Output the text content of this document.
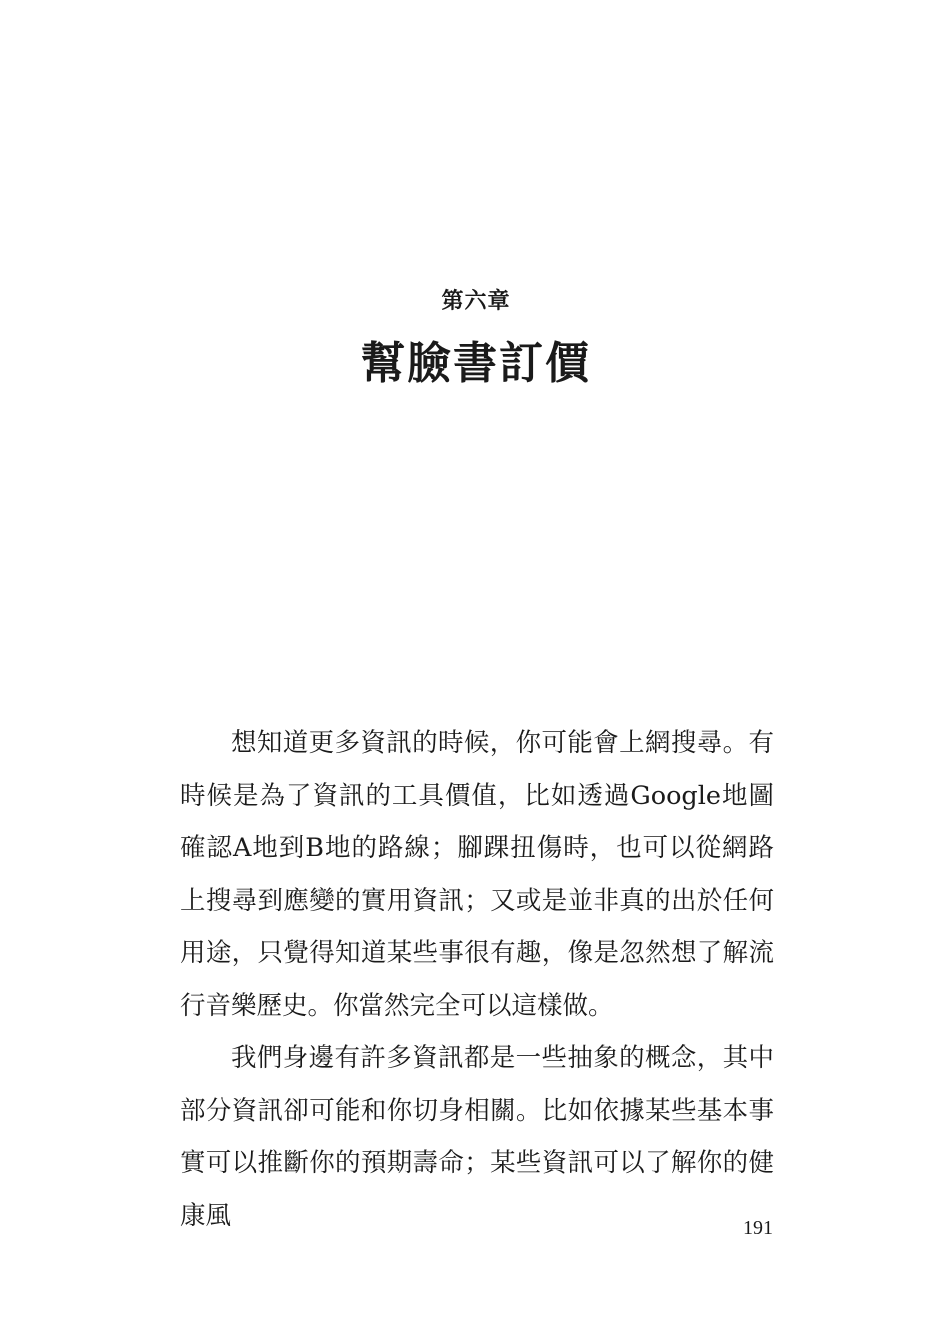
第六章
幫臉書訂價

想知道更多資訊的時候，你可能會上網搜尋。有時候是為了資訊的工具價值，比如透過Google地圖確認A地到B地的路線；腳踝扭傷時，也可以從網路上搜尋到應變的實用資訊；又或是並非真的出於任何用途，只覺得知道某些事很有趣，像是忽然想了解流行音樂歷史。你當然完全可以這樣做。

我們身邊有許多資訊都是一些抽象的概念，其中部分資訊卻可能和你切身相關。比如依據某些基本事實可以推斷你的預期壽命；某些資訊可以了解你的健康風	191
